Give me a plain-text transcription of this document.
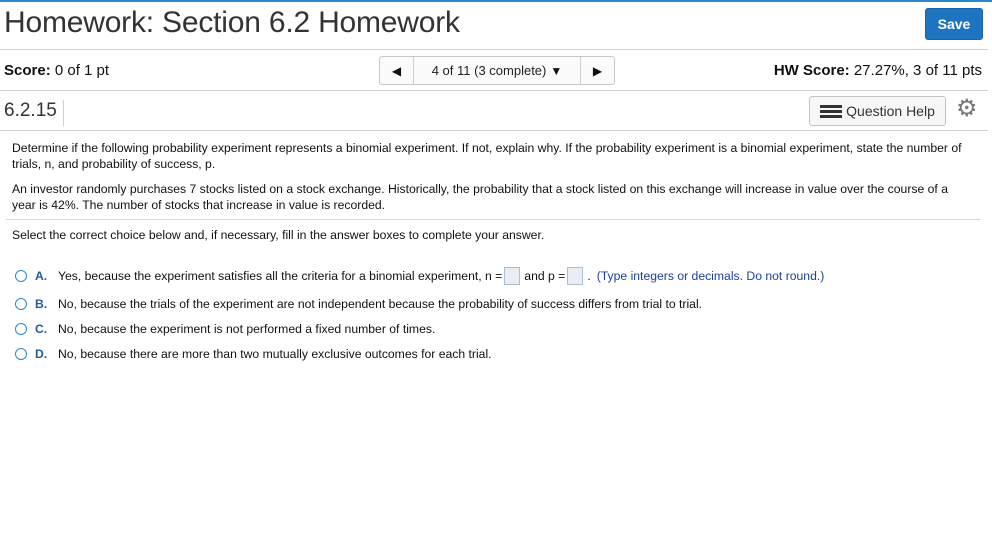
Homework: Section 6.2 Homework	Save
Score: 0 of 1 pt	◀ 4 of 11 (3 complete) ▼	▶	HW Score: 27.27%, 3 of 11 pts
6.2.15	Question Help ⚙
Determine if the following probability experiment represents a binomial experiment. If not, explain why. If the probability experiment is a binomial experiment, state the number of trials, n, and probability of success, p.
An investor randomly purchases 7 stocks listed on a stock exchange. Historically, the probability that a stock listed on this exchange will increase in value over the course of a year is 42%. The number of stocks that increase in value is recorded.
Select the correct choice below and, if necessary, fill in the answer boxes to complete your answer.
A. Yes, because the experiment satisfies all the criteria for a binomial experiment, n = and p = . (Type integers or decimals. Do not round.)
B. No, because the trials of the experiment are not independent because the probability of success differs from trial to trial.
C. No, because the experiment is not performed a fixed number of times.
D. No, because there are more than two mutually exclusive outcomes for each trial.
